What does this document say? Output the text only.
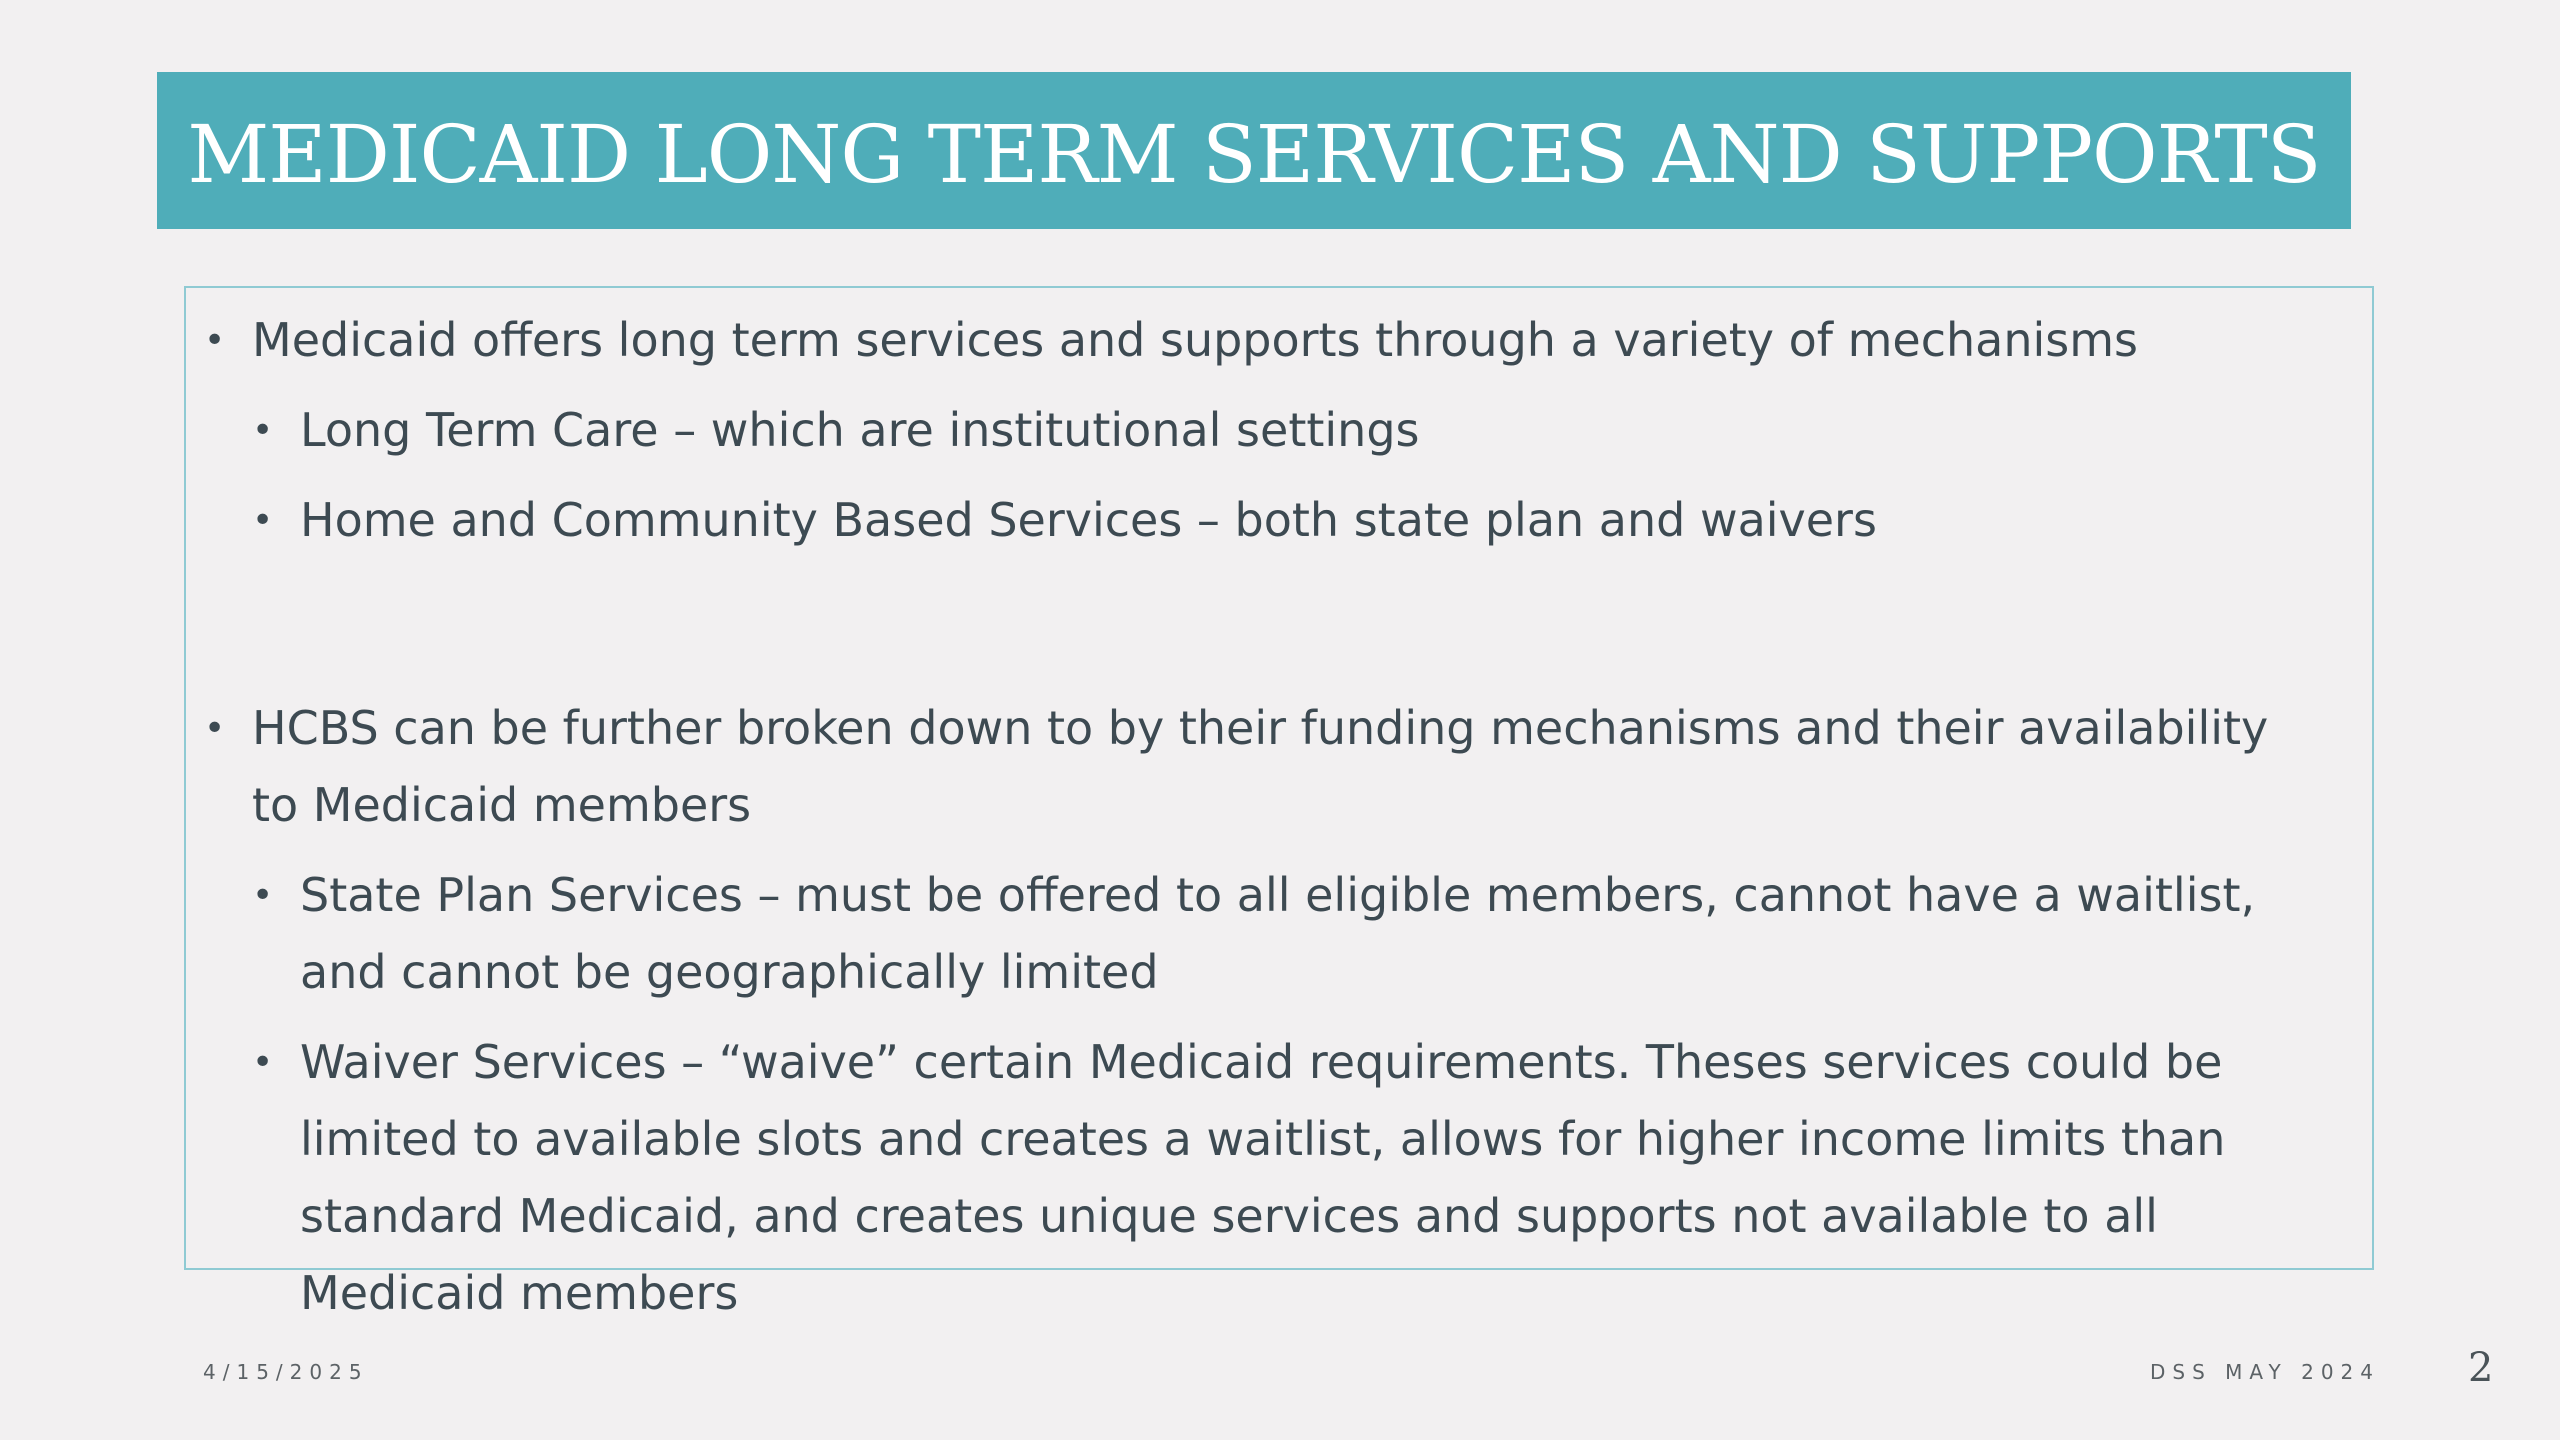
MEDICAID LONG TERM SERVICES AND SUPPORTS
• Medicaid offers long term services and supports through a variety of mechanisms
• Long Term Care – which are institutional settings
• Home and Community Based Services – both state plan and waivers
• HCBS can be further broken down to by their funding mechanisms and their availability to Medicaid members
• State Plan Services – must be offered to all eligible members, cannot have a waitlist, and cannot be geographically limited
• Waiver Services – “waive” certain Medicaid requirements. Theses services could be limited to available slots and creates a waitlist, allows for higher income limits than standard Medicaid, and creates unique services and supports not available to all Medicaid members
4/15/2025	DSS MAY 2024 2
